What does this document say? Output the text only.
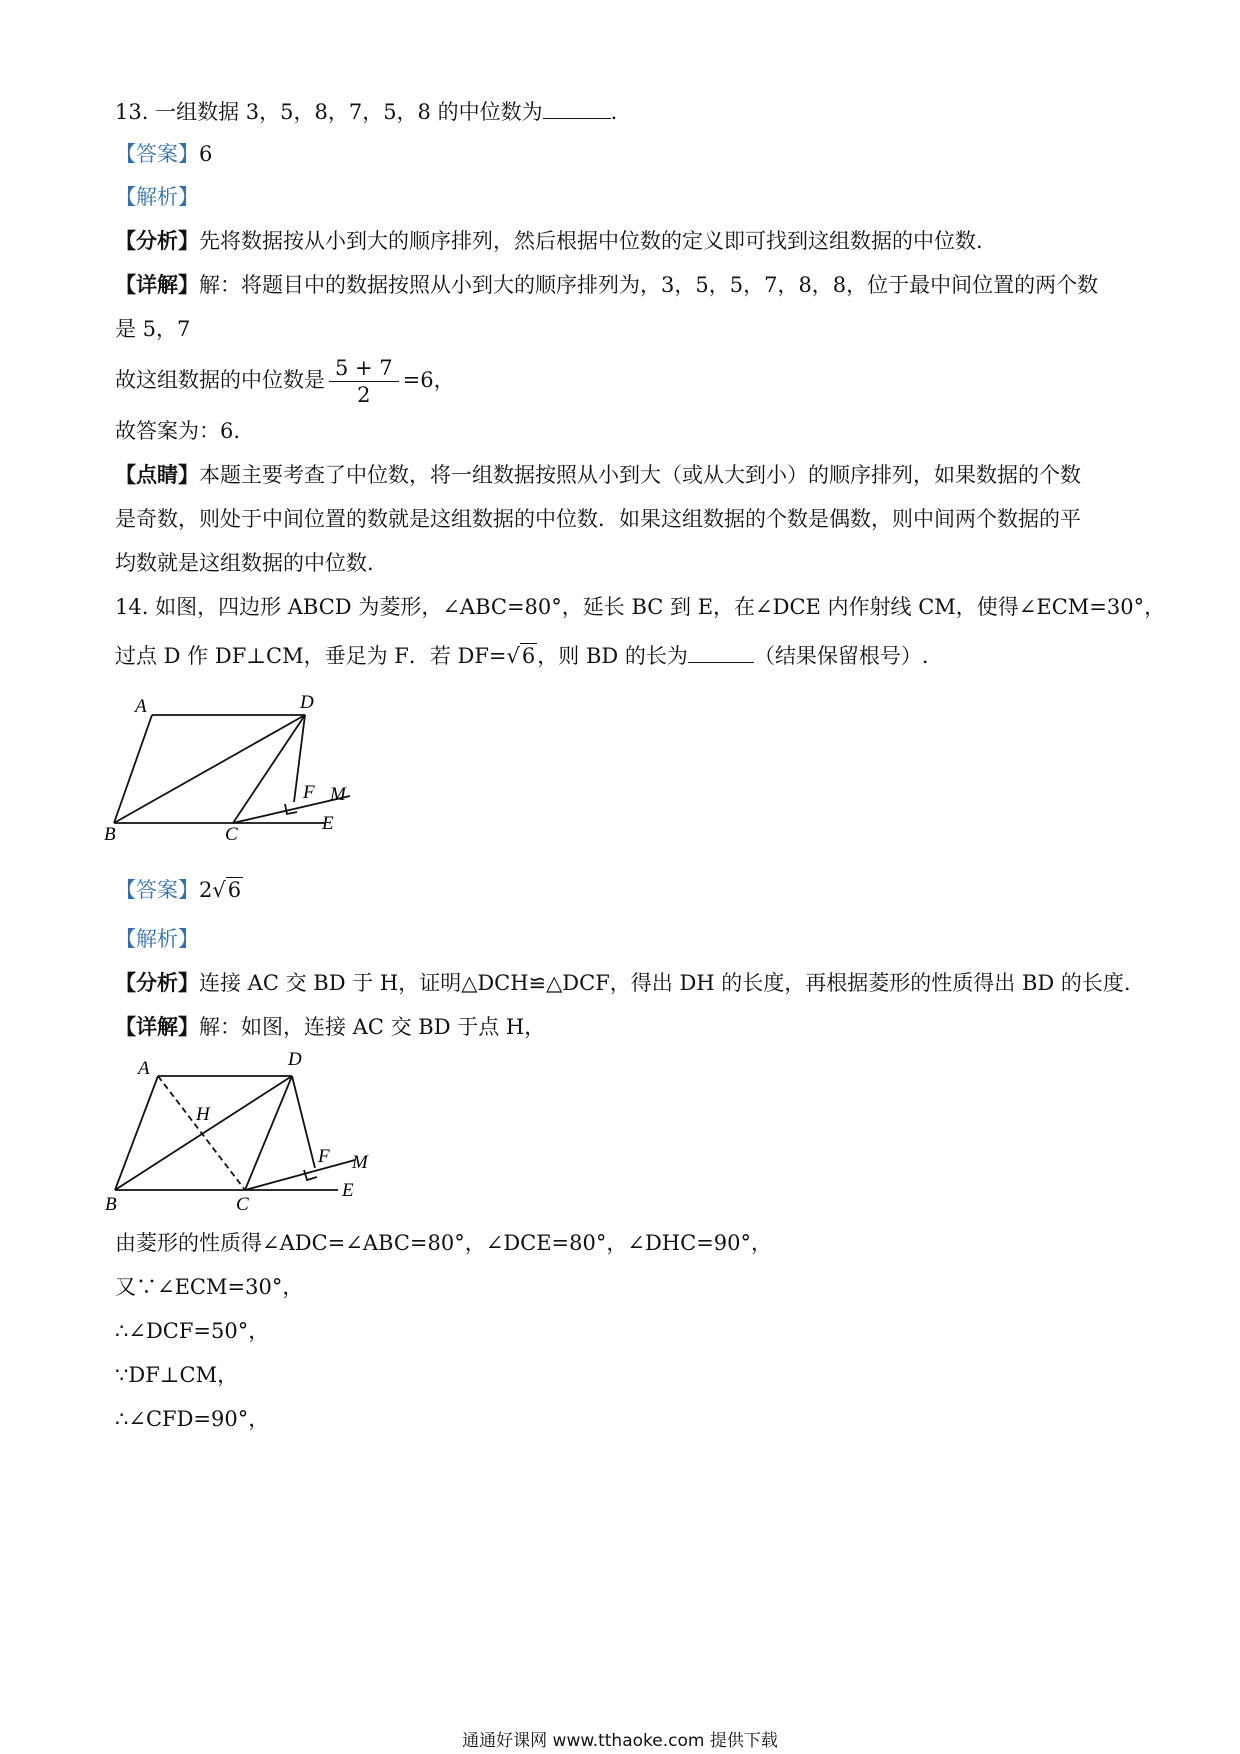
13. 一组数据 3，5，8，7，5，8 的中位数为	.
【答案】6
【解析】
【分析】先将数据按从小到大的顺序排列，然后根据中位数的定义即可找到这组数据的中位数.
【详解】解：将题目中的数据按照从小到大的顺序排列为，3，5，5，7，8，8，位于最中间位置的两个数
是 5，7
故这组数据的中位数是 $\frac{5 + 7}{2} =6$，
故答案为：6.
【点睛】本题主要考查了中位数，将一组数据按照从小到大（或从大到小）的顺序排列，如果数据的个数
是奇数，则处于中间位置的数就是这组数据的中位数．如果这组数据的个数是偶数，则中间两个数据的平
均数就是这组数据的中位数.
14. 如图，四边形 ABCD 为菱形，∠ABC=80°，延长 BC 到 E，在∠DCE 内作射线 CM，使得∠ECM=30°，
过点 D 作 DF⊥CM，垂足为 F．若 DF=√6，则 BD 的长为	（结果保留根号）.
A	D
F M
B	C
E
【答案】2√6
【解析】
【分析】连接 AC 交 BD 于 H，证明△DCH≌△DCF，得出 DH 的长度，再根据菱形的性质得出 BD 的长度.
【详解】解：如图，连接 AC 交 BD 于点 H，
A	D
H
F M
B	C
E
由菱形的性质得∠ADC=∠ABC=80°，∠DCE=80°，∠DHC=90°，
又∵∠ECM=30°，
∴∠DCF=50°，
∵DF⊥CM，
∴∠CFD=90°，
通通好课网 www.tthaoke.com 提供下载
